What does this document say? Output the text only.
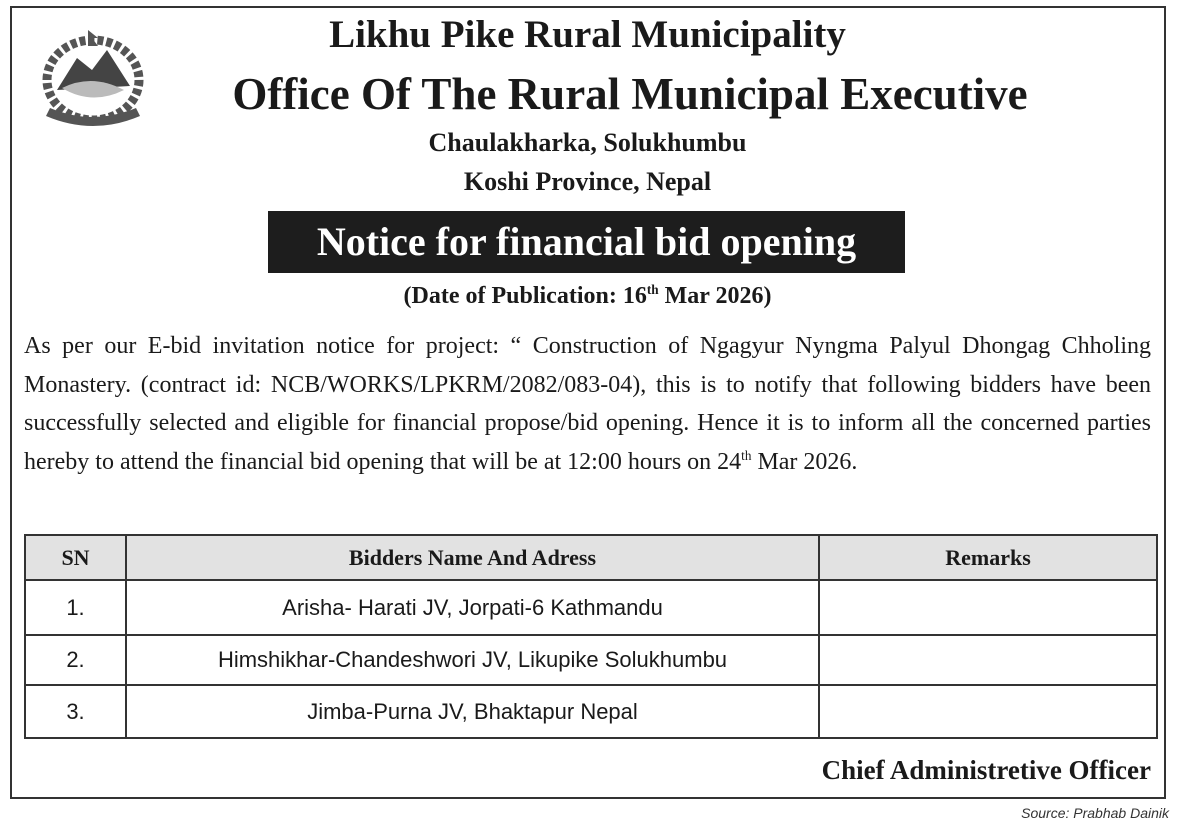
Likhu Pike Rural Municipality
Office Of The Rural Municipal Executive
Chaulakharka, Solukhumbu
Koshi Province, Nepal
Notice for financial bid opening
(Date of Publication: 16th Mar 2026)
As per our E-bid invitation notice for project: “ Construction of Ngagyur Nyngma Palyul Dhongag Chholing Monastery. (contract id: NCB/WORKS/LPKRM/2082/083-04), this is to notify that following bidders have been successfully selected and eligible for financial propose/bid opening. Hence it is to inform all the concerned parties hereby to attend the financial bid opening that will be at 12:00 hours on 24th Mar 2026.
SN	Bidders Name And Adress	Remarks
1.	Arisha- Harati JV, Jorpati-6 Kathmandu	
2.	Himshikhar-Chandeshwori JV, Likupike Solukhumbu	
3.	Jimba-Purna JV, Bhaktapur Nepal	
Chief Administretive Officer
Source: Prabhab Dainik
